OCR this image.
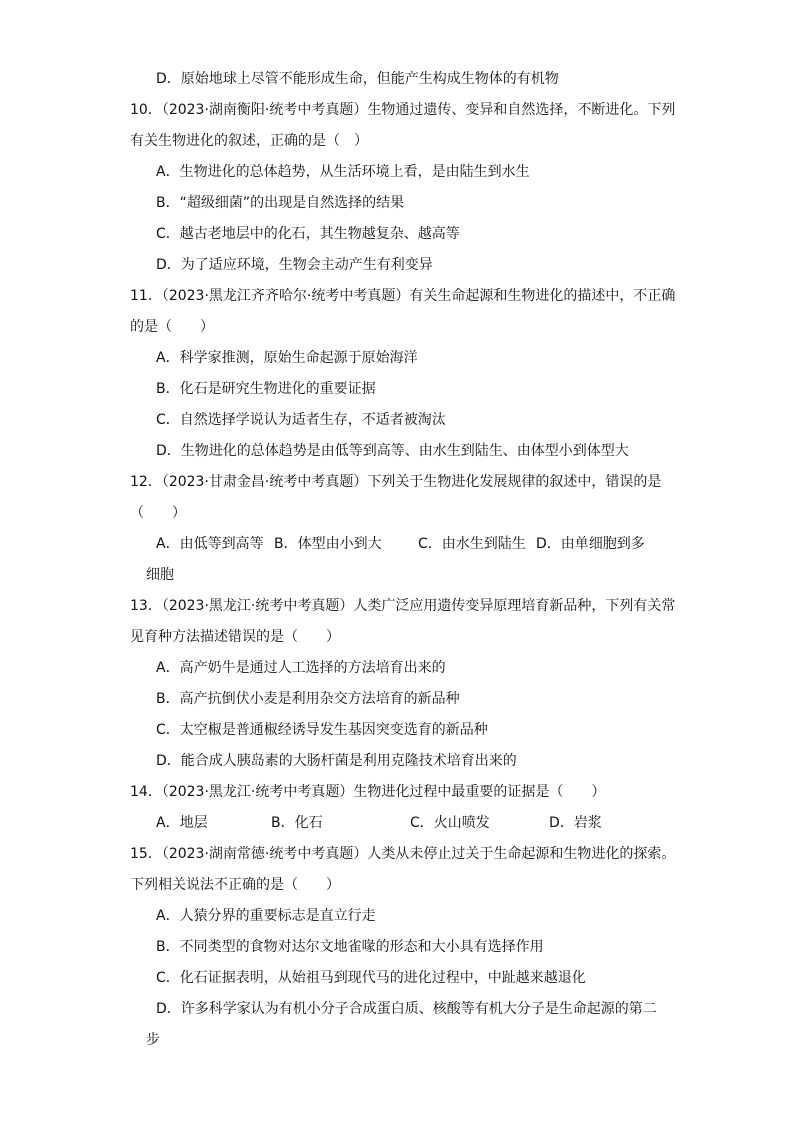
D．原始地球上尽管不能形成生命，但能产生构成生物体的有机物
10．（2023·湖南衡阳·统考中考真题）生物通过遗传、变异和自然选择，不断进化。下列
有关生物进化的叙述，正确的是（　）
A．生物进化的总体趋势，从生活环境上看，是由陆生到水生
B．“超级细菌”的出现是自然选择的结果
C．越古老地层中的化石，其生物越复杂、越高等
D．为了适应环境，生物会主动产生有利变异
11．（2023·黑龙江齐齐哈尔·统考中考真题）有关生命起源和生物进化的描述中，不正确
的是（　　）
A．科学家推测，原始生命起源于原始海洋
B．化石是研究生物进化的重要证据
C．自然选择学说认为适者生存，不适者被淘汰
D．生物进化的总体趋势是由低等到高等、由水生到陆生、由体型小到体型大
12．（2023·甘肃金昌·统考中考真题）下列关于生物进化发展规律的叙述中，错误的是
（　　）
A．由低等到高等 B．体型由小到大	C．由水生到陆生 D．由单细胞到多
细胞
13．（2023·黑龙江·统考中考真题）人类广泛应用遗传变异原理培育新品种，下列有关常
见育种方法描述错误的是（　　）
A．高产奶牛是通过人工选择的方法培育出来的
B．高产抗倒伏小麦是利用杂交方法培育的新品种
C．太空椒是普通椒经诱导发生基因突变选育的新品种
D．能合成人胰岛素的大肠杆菌是利用克隆技术培育出来的
14．（2023·黑龙江·统考中考真题）生物进化过程中最重要的证据是（　　）
A．地层	B．化石	C．火山喷发	D．岩浆
15．（2023·湖南常德·统考中考真题）人类从未停止过关于生命起源和生物进化的探索。
下列相关说法不正确的是（　　）
A．人猿分界的重要标志是直立行走
B．不同类型的食物对达尔文地雀喙的形态和大小具有选择作用
C．化石证据表明，从始祖马到现代马的进化过程中，中趾越来越退化
D．许多科学家认为有机小分子合成蛋白质、核酸等有机大分子是生命起源的第二
步
